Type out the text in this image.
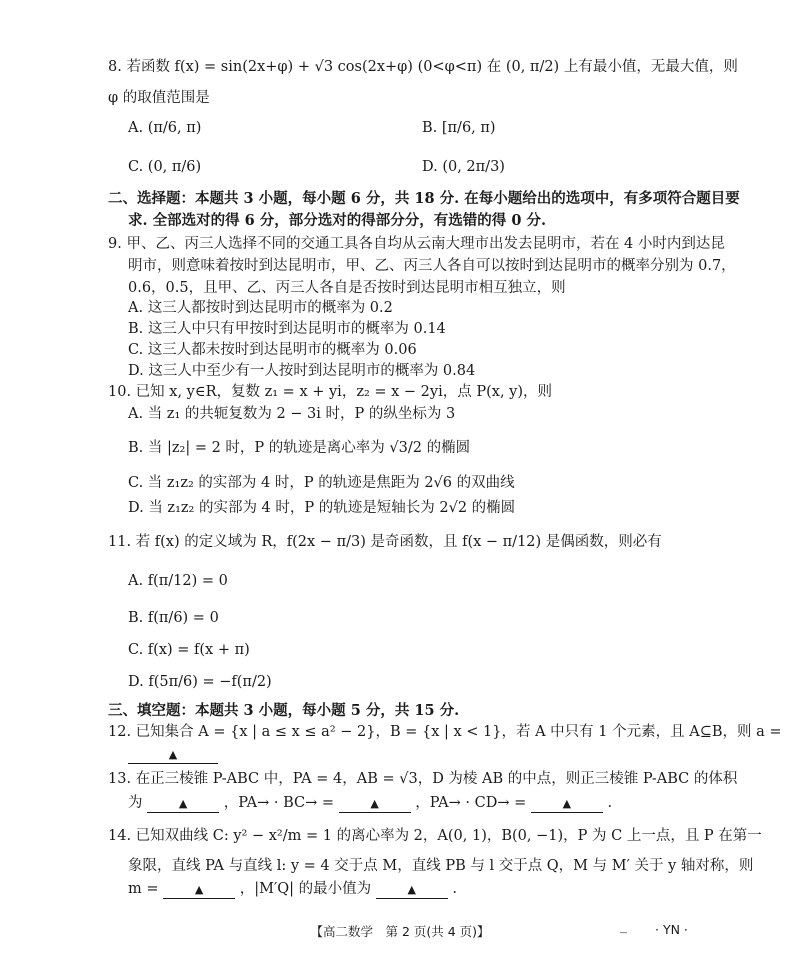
8. 若函数 f(x) = sin(2x+φ) + √3 cos(2x+φ) (0<φ<π) 在 (0, π/2) 上有最小值，无最大值，则
φ 的取值范围是
A. (π/6, π)	B. [π/6, π)
C. (0, π/6)	D. (0, 2π/3)
二、选择题：本题共 3 小题，每小题 6 分，共 18 分. 在每小题给出的选项中，有多项符合题目要
求. 全部选对的得 6 分，部分选对的得部分分，有选错的得 0 分.
9. 甲、乙、丙三人选择不同的交通工具各自均从云南大理市出发去昆明市，若在 4 小时内到达昆
明市，则意味着按时到达昆明市，甲、乙、丙三人各自可以按时到达昆明市的概率分别为 0.7，
0.6，0.5，且甲、乙、丙三人各自是否按时到达昆明市相互独立，则
A. 这三人都按时到达昆明市的概率为 0.2
B. 这三人中只有甲按时到达昆明市的概率为 0.14
C. 这三人都未按时到达昆明市的概率为 0.06
D. 这三人中至少有一人按时到达昆明市的概率为 0.84
10. 已知 x, y∈R，复数 z₁ = x + yi，z₂ = x − 2yi，点 P(x, y)，则
A. 当 z₁ 的共轭复数为 2 − 3i 时，P 的纵坐标为 3
B. 当 |z₂| = 2 时，P 的轨迹是离心率为 √3/2 的椭圆
C. 当 z₁z₂ 的实部为 4 时，P 的轨迹是焦距为 2√6 的双曲线
D. 当 z₁z₂ 的实部为 4 时，P 的轨迹是短轴长为 2√2 的椭圆
11. 若 f(x) 的定义域为 R，f(2x − π/3) 是奇函数，且 f(x − π/12) 是偶函数，则必有
A. f(π/12) = 0
B. f(π/6) = 0
C. f(x) = f(x + π)
D. f(5π/6) = −f(π/2)
三、填空题：本题共 3 小题，每小题 5 分，共 15 分.
12. 已知集合 A = {x | a ≤ x ≤ a² − 2}，B = {x | x < 1}，若 A 中只有 1 个元素，且 A⊆B，则 a =
▲
13. 在正三棱锥 P-ABC 中，PA = 4，AB = √3，D 为棱 AB 的中点，则正三棱锥 P-ABC 的体积
为	▲	，PA→ · BC→ =	▲	，PA→ · CD→ =	▲	.
14. 已知双曲线 C: y² − x²/m = 1 的离心率为 2，A(0, 1)，B(0, −1)，P 为 C 上一点，且 P 在第一
象限，直线 PA 与直线 l: y = 4 交于点 M，直线 PB 与 l 交于点 Q，M 与 M′ 关于 y 轴对称，则
m =	▲	，|M′Q| 的最小值为	▲	.
【高二数学　第 2 页(共 4 页)】	_ · YN ·
